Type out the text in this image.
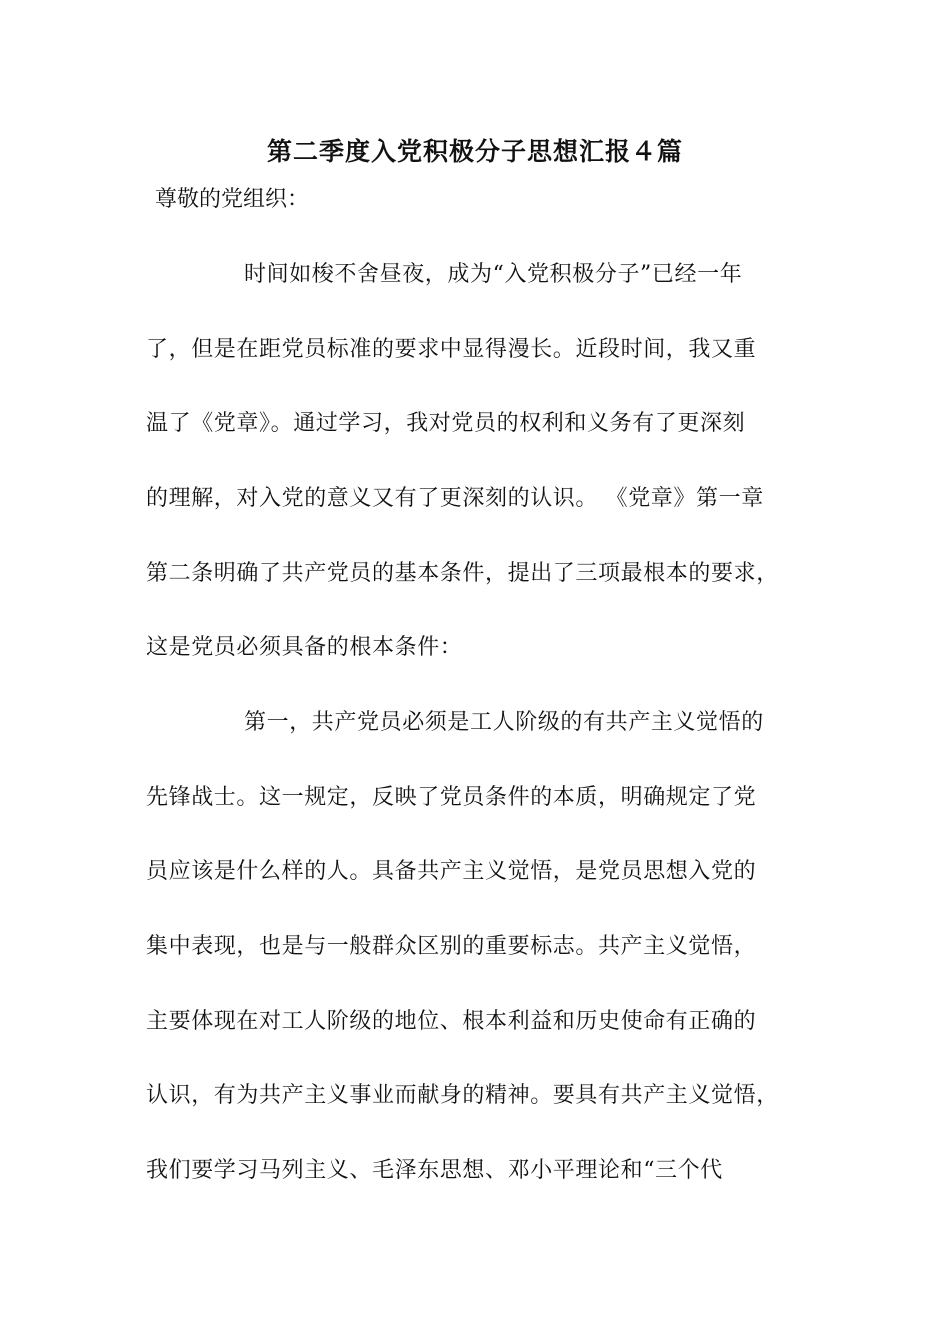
第二季度入党积极分子思想汇报４篇
尊敬的党组织：
时间如梭不舍昼夜，成为“入党积极分子”已经一年
了，但是在距党员标准的要求中显得漫长。近段时间，我又重
温了《党章》。通过学习，我对党员的权利和义务有了更深刻
的理解，对入党的意义又有了更深刻的认识。 《党章》第一章
第二条明确了共产党员的基本条件，提出了三项最根本的要求，
这是党员必须具备的根本条件：
第一，共产党员必须是工人阶级的有共产主义觉悟的
先锋战士。这一规定，反映了党员条件的本质，明确规定了党
员应该是什么样的人。具备共产主义觉悟，是党员思想入党的
集中表现，也是与一般群众区别的重要标志。共产主义觉悟，
主要体现在对工人阶级的地位、根本利益和历史使命有正确的
认识，有为共产主义事业而献身的精神。要具有共产主义觉悟，
我们要学习马列主义、毛泽东思想、邓小平理论和“三个代
